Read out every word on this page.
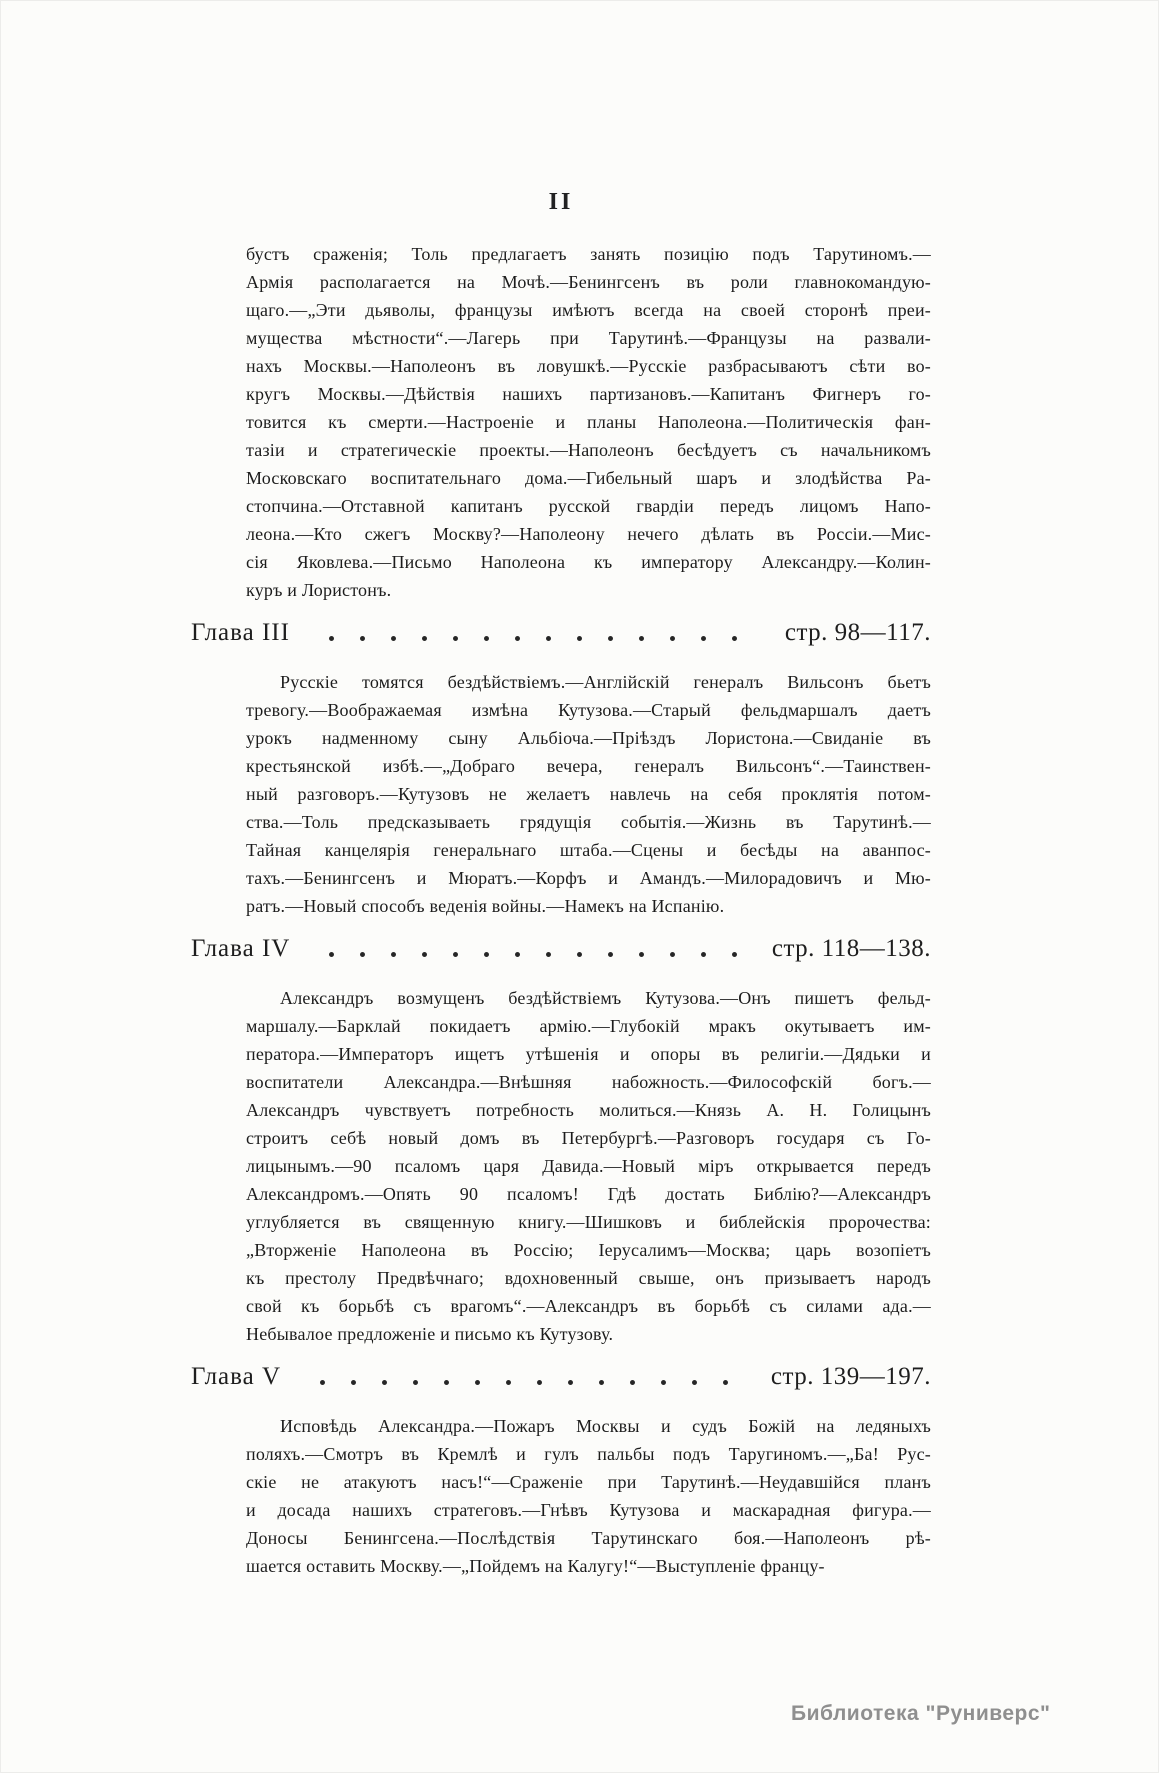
II
бустъ сраженія; Толь предлагаетъ занять позицію подъ Тарутиномъ.—
Армія располагается на Мочѣ.—Бенингсенъ въ роли главнокомандую-
щаго.—„Эти дьяволы, французы имѣютъ всегда на своей сторонѣ преи-
мущества мѣстности“.—Лагерь при Тарутинѣ.—Французы на развали-
нахъ Москвы.—Наполеонъ въ ловушкѣ.—Русскіе разбрасываютъ сѣти во-
кругъ Москвы.—Дѣйствія нашихъ партизановъ.—Капитанъ Фигнеръ го-
товится къ смерти.—Настроеніе и планы Наполеона.—Политическія фан-
тазіи и стратегическіе проекты.—Наполеонъ бесѣдуетъ съ начальникомъ
Московскаго воспитательнаго дома.—Гибельный шаръ и злодѣйства Ра-
стопчина.—Отставной капитанъ русской гвардіи передъ лицомъ Напо-
леона.—Кто сжегъ Москву?—Наполеону нечего дѣлать въ Россіи.—Мис-
сія Яковлева.—Письмо Наполеона къ императору Александру.—Колин-
куръ и Лористонъ.
Глава III	стр. 98—117.
Русскіе томятся бездѣйствіемъ.—Англійскій генералъ Вильсонъ бьетъ
тревогу.—Воображаемая измѣна Кутузова.—Старый фельдмаршалъ даетъ
урокъ надменному сыну Альбіоча.—Пріѣздъ Лористона.—Свиданіе въ
крестьянской избѣ.—„Добраго вечера, генералъ Вильсонъ“.—Таинствен-
ный разговоръ.—Кутузовъ не желаетъ навлечь на себя проклятія потом-
ства.—Толь предсказываеть грядущія событія.—Жизнь въ Тарутинѣ.—
Тайная канцелярія генеральнаго штаба.—Сцены и бесѣды на аванпос-
тахъ.—Бенингсенъ и Мюратъ.—Корфъ и Амандъ.—Милорадовичъ и Мю-
ратъ.—Новый способъ веденія войны.—Намекъ на Испанію.
Глава IV	стр. 118—138.
Александръ возмущенъ бездѣйствіемъ Кутузова.—Онъ пишетъ фельд-
маршалу.—Барклай покидаетъ армію.—Глубокій мракъ окутываетъ им-
ператора.—Императоръ ищетъ утѣшенія и опоры въ религіи.—Дядьки и
воспитатели Александра.—Внѣшняя набожность.—Философскій богъ.—
Александръ чувствуетъ потребность молиться.—Князь А. Н. Голицынъ
строитъ себѣ новый домъ въ Петербургѣ.—Разговоръ государя съ Го-
лицынымъ.—90 псаломъ царя Давида.—Новый міръ открывается передъ
Александромъ.—Опять 90 псаломъ! Гдѣ достать Библію?—Александръ
углубляется въ священную книгу.—Шишковъ и библейскія пророчества:
„Вторженіе Наполеона въ Россію; Іерусалимъ—Москва; царь возопіетъ
къ престолу Предвѣчнаго; вдохновенный свыше, онъ призываетъ народъ
свой къ борьбѣ съ врагомъ“.—Александръ въ борьбѣ съ силами ада.—
Небывалое предложеніе и письмо къ Кутузову.
Глава V	стр. 139—197.
Исповѣдь Александра.—Пожаръ Москвы и судъ Божій на ледяныхъ
поляхъ.—Смотръ въ Кремлѣ и гулъ пальбы подъ Таругиномъ.—„Ба! Рус-
скіе не атакуютъ насъ!“—Сраженіе при Тарутинѣ.—Неудавшійся планъ
и досада нашихъ стратеговъ.—Гнѣвъ Кутузова и маскарадная фигура.—
Доносы Бенингсена.—Послѣдствія Тарутинскаго боя.—Наполеонъ рѣ-
шается оставить Москву.—„Пойдемъ на Калугу!“—Выступленіе францу-
Библиотека "Руниверс"
